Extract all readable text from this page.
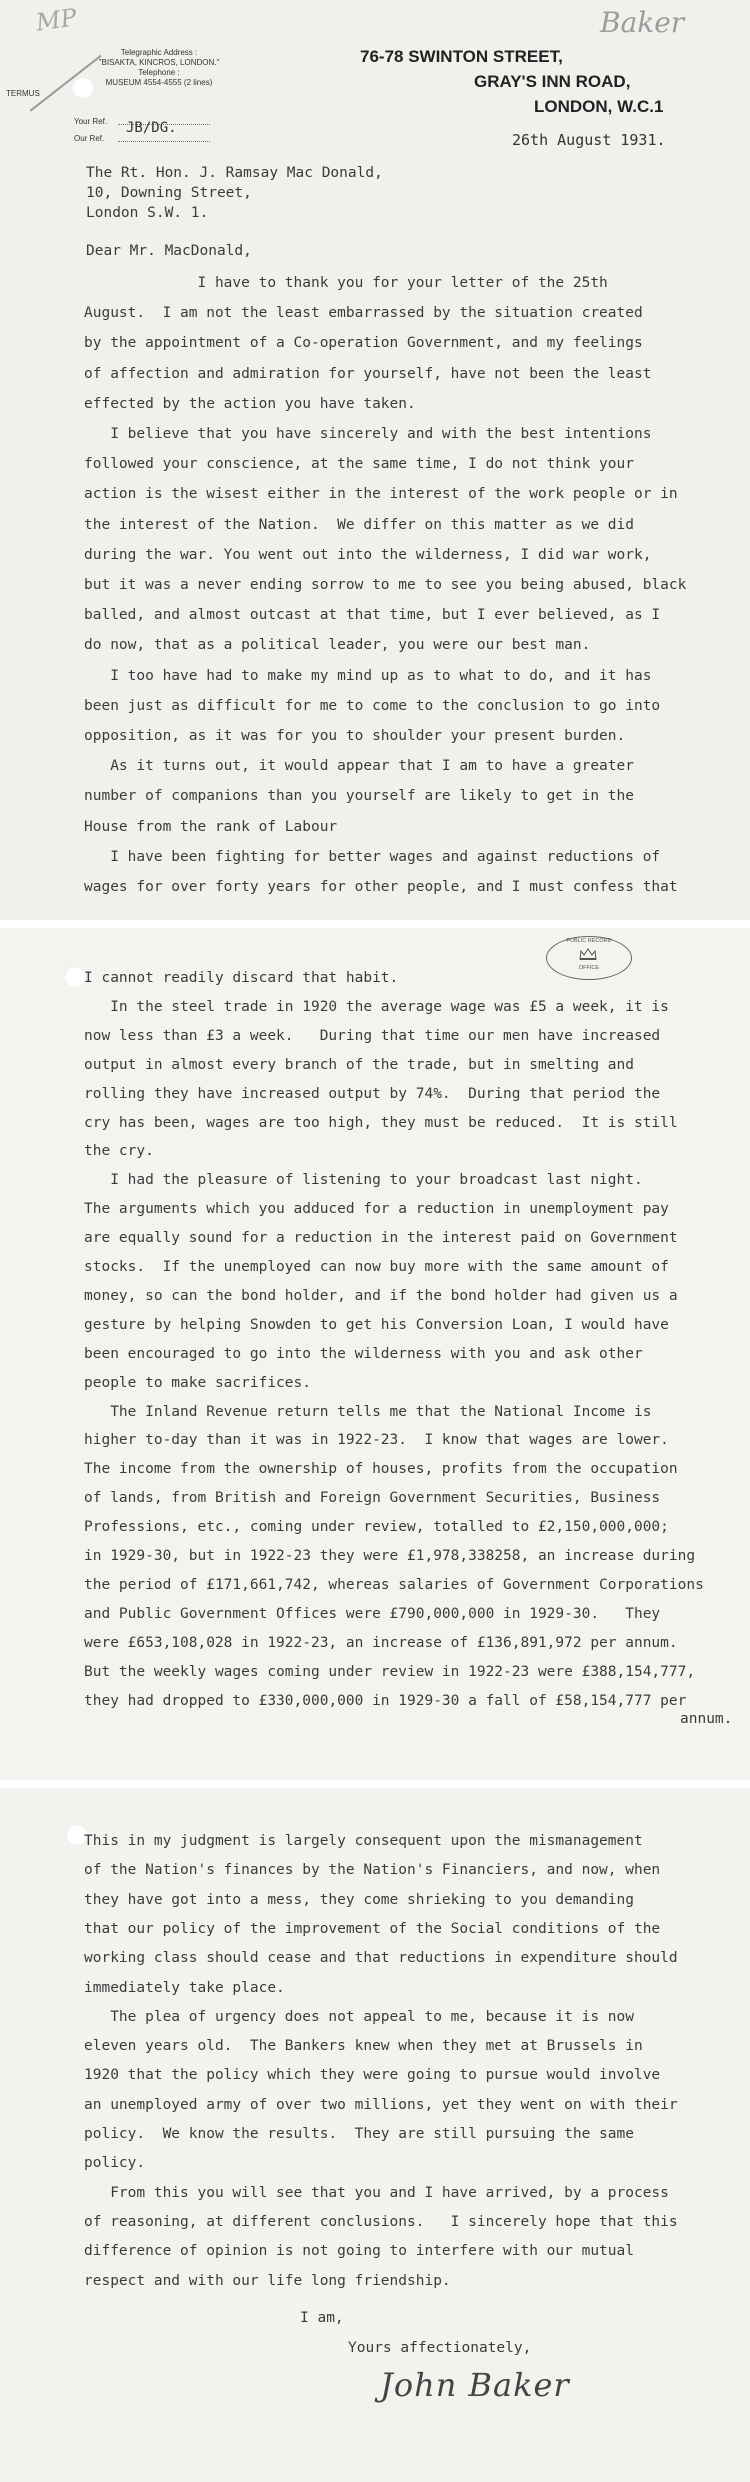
MP	Baker
Telegraphic Address :
"BISAKTA, KINCROS, LONDON."
Telephone :
MUSEUM 4554-4555 (2 lines)
TERMUS
Your Ref.
Our Ref.
JB/DG.
76-78 SWINTON STREET,
GRAY'S INN ROAD,
LONDON, W.C.1
26th August 1931.
The Rt. Hon. J. Ramsay Mac Donald,
10, Downing Street,
London S.W. 1.
Dear Mr. MacDonald,
I have to thank you for your letter of the 25th
August.  I am not the least embarrassed by the situation created
by the appointment of a Co-operation Government, and my feelings
of affection and admiration for yourself, have not been the least
effected by the action you have taken.
I believe that you have sincerely and with the best intentions
followed your conscience, at the same time, I do not think your
action is the wisest either in the interest of the work people or in
the interest of the Nation.  We differ on this matter as we did
during the war. You went out into the wilderness, I did war work,
but it was a never ending sorrow to me to see you being abused, black
balled, and almost outcast at that time, but I ever believed, as I
do now, that as a political leader, you were our best man.
I too have had to make my mind up as to what to do, and it has
been just as difficult for me to come to the conclusion to go into
opposition, as it was for you to shoulder your present burden.
As it turns out, it would appear that I am to have a greater
number of companions than you yourself are likely to get in the
House from the rank of Labour
I have been fighting for better wages and against reductions of
wages for over forty years for other people, and I must confess that
PUBLIC RECORD
OFFICE
I cannot readily discard that habit.
In the steel trade in 1920 the average wage was £5 a week, it is
now less than £3 a week.   During that time our men have increased
output in almost every branch of the trade, but in smelting and
rolling they have increased output by 74%.  During that period the
cry has been, wages are too high, they must be reduced.  It is still
the cry.
I had the pleasure of listening to your broadcast last night.
The arguments which you adduced for a reduction in unemployment pay
are equally sound for a reduction in the interest paid on Government
stocks.  If the unemployed can now buy more with the same amount of
money, so can the bond holder, and if the bond holder had given us a
gesture by helping Snowden to get his Conversion Loan, I would have
been encouraged to go into the wilderness with you and ask other
people to make sacrifices.
The Inland Revenue return tells me that the National Income is
higher to-day than it was in 1922-23.  I know that wages are lower.
The income from the ownership of houses, profits from the occupation
of lands, from British and Foreign Government Securities, Business
Professions, etc., coming under review, totalled to £2,150,000,000;
in 1929-30, but in 1922-23 they were £1,978,338258, an increase during
the period of £171,661,742, whereas salaries of Government Corporations
and Public Government Offices were £790,000,000 in 1929-30.   They
were £653,108,028 in 1922-23, an increase of £136,891,972 per annum.
But the weekly wages coming under review in 1922-23 were £388,154,777,
they had dropped to £330,000,000 in 1929-30 a fall of £58,154,777 per
annum.
This in my judgment is largely consequent upon the mismanagement
of the Nation's finances by the Nation's Financiers, and now, when
they have got into a mess, they come shrieking to you demanding
that our policy of the improvement of the Social conditions of the
working class should cease and that reductions in expenditure should
immediately take place.
The plea of urgency does not appeal to me, because it is now
eleven years old.  The Bankers knew when they met at Brussels in
1920 that the policy which they were going to pursue would involve
an unemployed army of over two millions, yet they went on with their
policy.  We know the results.  They are still pursuing the same
policy.
From this you will see that you and I have arrived, by a process
of reasoning, at different conclusions.   I sincerely hope that this
difference of opinion is not going to interfere with our mutual
respect and with our life long friendship.
I am,
Yours affectionately,
John Baker
